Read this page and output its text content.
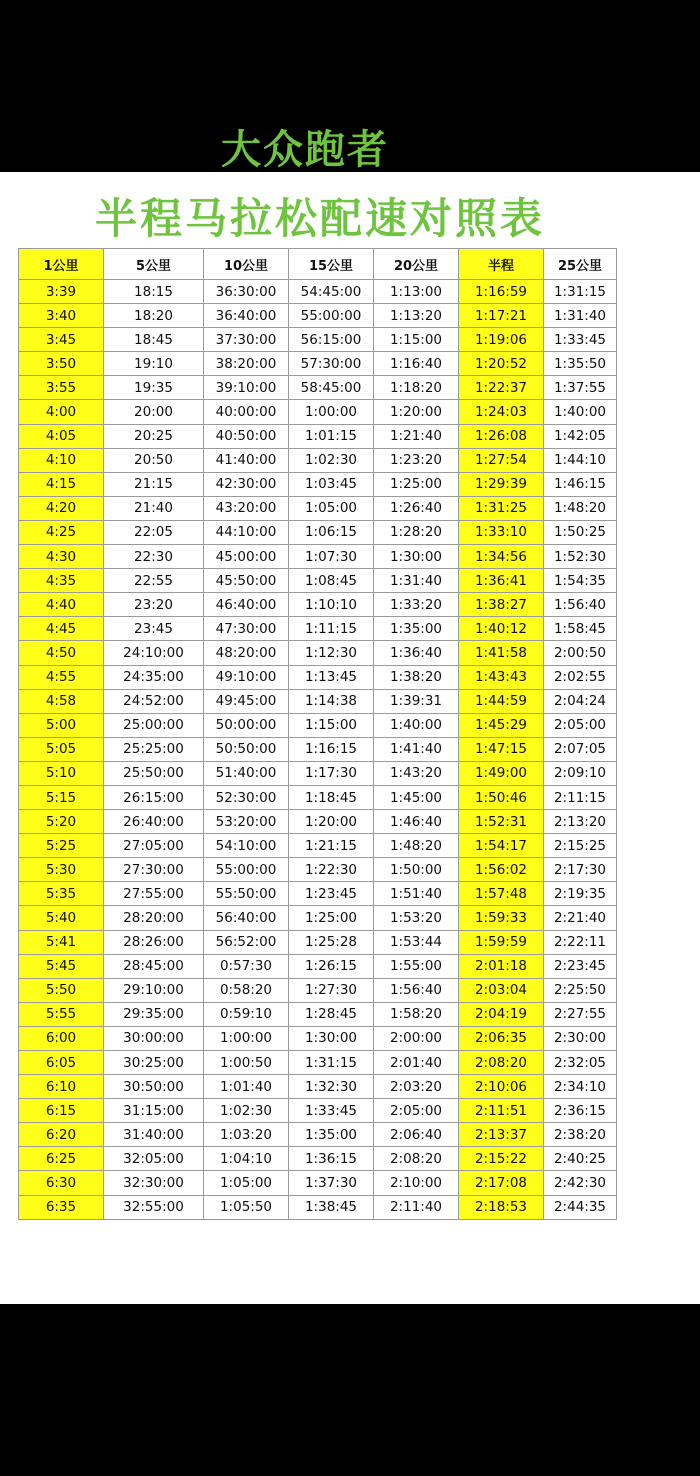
大众跑者
半程马拉松配速对照表
1公里	5公里	10公里	15公里	20公里	半程	25公里
3:39	18:15	36:30:00	54:45:00	1:13:00	1:16:59	1:31:15
3:40	18:20	36:40:00	55:00:00	1:13:20	1:17:21	1:31:40
3:45	18:45	37:30:00	56:15:00	1:15:00	1:19:06	1:33:45
3:50	19:10	38:20:00	57:30:00	1:16:40	1:20:52	1:35:50
3:55	19:35	39:10:00	58:45:00	1:18:20	1:22:37	1:37:55
4:00	20:00	40:00:00	1:00:00	1:20:00	1:24:03	1:40:00
4:05	20:25	40:50:00	1:01:15	1:21:40	1:26:08	1:42:05
4:10	20:50	41:40:00	1:02:30	1:23:20	1:27:54	1:44:10
4:15	21:15	42:30:00	1:03:45	1:25:00	1:29:39	1:46:15
4:20	21:40	43:20:00	1:05:00	1:26:40	1:31:25	1:48:20
4:25	22:05	44:10:00	1:06:15	1:28:20	1:33:10	1:50:25
4:30	22:30	45:00:00	1:07:30	1:30:00	1:34:56	1:52:30
4:35	22:55	45:50:00	1:08:45	1:31:40	1:36:41	1:54:35
4:40	23:20	46:40:00	1:10:10	1:33:20	1:38:27	1:56:40
4:45	23:45	47:30:00	1:11:15	1:35:00	1:40:12	1:58:45
4:50	24:10:00	48:20:00	1:12:30	1:36:40	1:41:58	2:00:50
4:55	24:35:00	49:10:00	1:13:45	1:38:20	1:43:43	2:02:55
4:58	24:52:00	49:45:00	1:14:38	1:39:31	1:44:59	2:04:24
5:00	25:00:00	50:00:00	1:15:00	1:40:00	1:45:29	2:05:00
5:05	25:25:00	50:50:00	1:16:15	1:41:40	1:47:15	2:07:05
5:10	25:50:00	51:40:00	1:17:30	1:43:20	1:49:00	2:09:10
5:15	26:15:00	52:30:00	1:18:45	1:45:00	1:50:46	2:11:15
5:20	26:40:00	53:20:00	1:20:00	1:46:40	1:52:31	2:13:20
5:25	27:05:00	54:10:00	1:21:15	1:48:20	1:54:17	2:15:25
5:30	27:30:00	55:00:00	1:22:30	1:50:00	1:56:02	2:17:30
5:35	27:55:00	55:50:00	1:23:45	1:51:40	1:57:48	2:19:35
5:40	28:20:00	56:40:00	1:25:00	1:53:20	1:59:33	2:21:40
5:41	28:26:00	56:52:00	1:25:28	1:53:44	1:59:59	2:22:11
5:45	28:45:00	0:57:30	1:26:15	1:55:00	2:01:18	2:23:45
5:50	29:10:00	0:58:20	1:27:30	1:56:40	2:03:04	2:25:50
5:55	29:35:00	0:59:10	1:28:45	1:58:20	2:04:19	2:27:55
6:00	30:00:00	1:00:00	1:30:00	2:00:00	2:06:35	2:30:00
6:05	30:25:00	1:00:50	1:31:15	2:01:40	2:08:20	2:32:05
6:10	30:50:00	1:01:40	1:32:30	2:03:20	2:10:06	2:34:10
6:15	31:15:00	1:02:30	1:33:45	2:05:00	2:11:51	2:36:15
6:20	31:40:00	1:03:20	1:35:00	2:06:40	2:13:37	2:38:20
6:25	32:05:00	1:04:10	1:36:15	2:08:20	2:15:22	2:40:25
6:30	32:30:00	1:05:00	1:37:30	2:10:00	2:17:08	2:42:30
6:35	32:55:00	1:05:50	1:38:45	2:11:40	2:18:53	2:44:35
